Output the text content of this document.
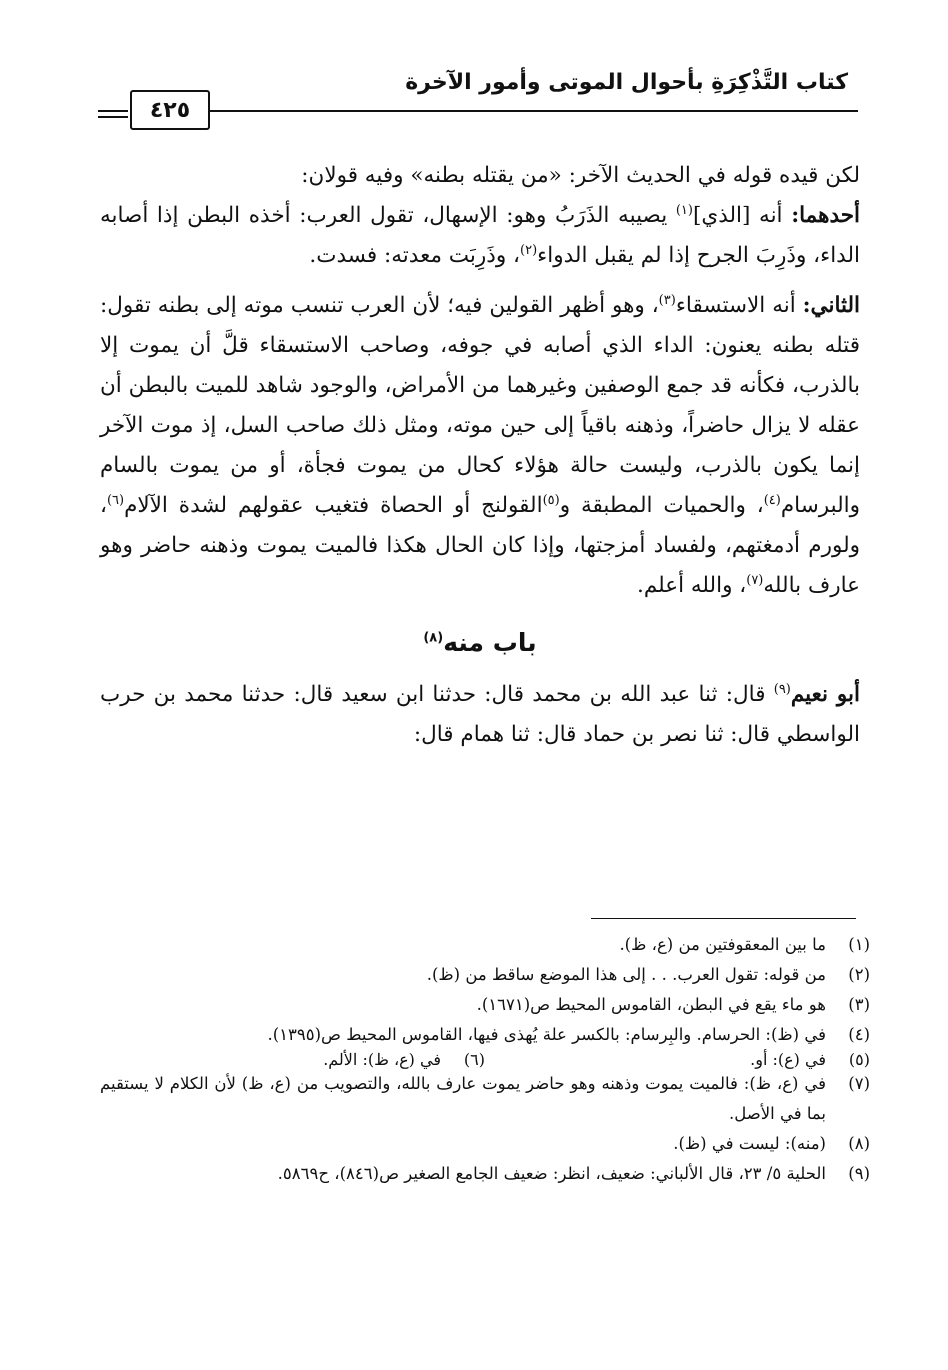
كتاب التَّذْكِرَةِ بأحوال الموتى وأمور الآخرة
٤٢٥

لكن قيده قوله في الحديث الآخر: «من يقتله بطنه» وفيه قولان:

أحدهما: أنه [الذي]$^{(١)}$ يصيبه الذَرَبُ وهو: الإسهال، تقول العرب: أخذه البطن إذا أصابه الداء، وذَرِبَ الجرح إذا لم يقبل الدواء$^{(٢)}$، وذَرِبَت معدته: فسدت.

الثاني: أنه الاستسقاء$^{(٣)}$، وهو أظهر القولين فيه؛ لأن العرب تنسب موته إلى بطنه تقول: قتله بطنه يعنون: الداء الذي أصابه في جوفه، وصاحب الاستسقاء قلَّ أن يموت إلا بالذرب، فكأنه قد جمع الوصفين وغيرهما من الأمراض، والوجود شاهد للميت بالبطن أن عقله لا يزال حاضراً، وذهنه باقياً إلى حين موته، ومثل ذلك صاحب السل، إذ موت الآخر إنما يكون بالذرب، وليست حالة هؤلاء كحال من يموت فجأة، أو من يموت بالسام والبرسام$^{(٤)}$، والحميات المطبقة و$^{(٥)}$القولنج أو الحصاة فتغيب عقولهم لشدة الآلام$^{(٦)}$، ولورم أدمغتهم، ولفساد أمزجتها، وإذا كان الحال هكذا فالميت يموت وذهنه حاضر وهو عارف بالله$^{(٧)}$، والله أعلم.

باب منه$^{(٨)}$

أبو نعيم$^{(٩)}$ قال: ثنا عبد الله بن محمد قال: حدثنا ابن سعيد قال: حدثنا محمد بن حرب الواسطي قال: ثنا نصر بن حماد قال: ثنا همام قال:

(١)
ما بين المعقوفتين من (ع، ظ).
(٢)
من قوله: تقول العرب. . . إلى هذا الموضع ساقط من (ظ).
(٣)
هو ماء يقع في البطن، القاموس المحيط ص(١٦٧١).
(٤)
في (ظ): الحرسام. والبِرسام: بالكسر علة يُهذى فيها، القاموس المحيط ص(١٣٩٥).
(٥)
في (ع): أو.
(٦)
في (ع، ظ): الألم.
(٧)
في (ع، ظ): فالميت يموت وذهنه وهو حاضر يموت عارف بالله، والتصويب من (ع، ظ) لأن الكلام لا يستقيم بما في الأصل.
(٨)
(منه): ليست في (ظ).
(٩)
الحلية ٥/ ٢٣، قال الألباني: ضعيف، انظر: ضعيف الجامع الصغير ص(٨٤٦)، ح٥٨٦٩.
